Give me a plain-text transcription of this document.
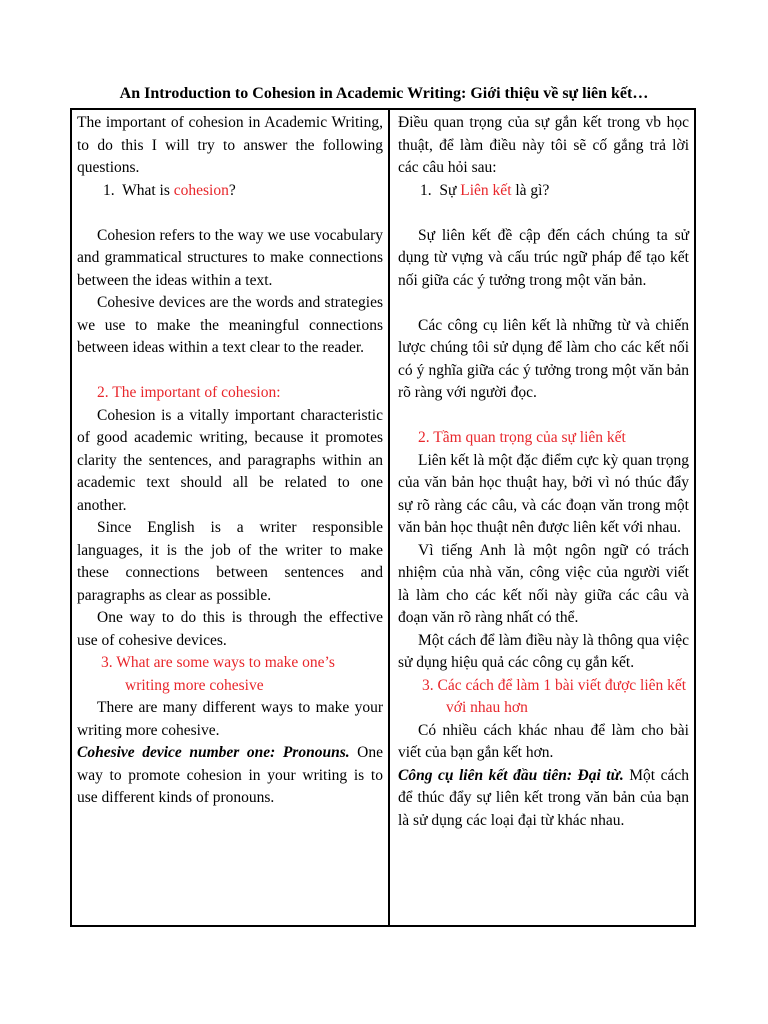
An Introduction to Cohesion in Academic Writing: Giới thiệu về sự liên kết…

The important of cohesion in Academic Writing, to do this I will try to answer the following questions.

1. What is cohesion?

Cohesion refers to the way we use vocabulary and grammatical structures to make connections between the ideas within a text.

Cohesive devices are the words and strategies we use to make the meaningful connections between ideas within a text clear to the reader.

2. The important of cohesion:

Cohesion is a vitally important characteristic of good academic writing, because it promotes clarity the sentences, and paragraphs within an academic text should all be related to one another.

Since English is a writer responsible languages, it is the job of the writer to make these connections between sentences and paragraphs as clear as possible.

One way to do this is through the effective use of cohesive devices.

3. What are some ways to make one’s writing more cohesive

There are many different ways to make your writing more cohesive.

Cohesive device number one: Pronouns. One way to promote cohesion in your writing is to use different kinds of pronouns.

Điều quan trọng của sự gắn kết trong vb học thuật, để làm điều này tôi sẽ cố gắng trả lời các câu hỏi sau:

1. Sự Liên kết là gì?

Sự liên kết đề cập đến cách chúng ta sử dụng từ vựng và cấu trúc ngữ pháp để tạo kết nối giữa các ý tưởng trong một văn bản.

Các công cụ liên kết là những từ và chiến lược chúng tôi sử dụng để làm cho các kết nối có ý nghĩa giữa các ý tưởng trong một văn bản rõ ràng với người đọc.

2. Tầm quan trọng của sự liên kết

Liên kết là một đặc điểm cực kỳ quan trọng của văn bản học thuật hay, bởi vì nó thúc đẩy sự rõ ràng các câu, và các đoạn văn trong một văn bản học thuật nên được liên kết với nhau.

Vì tiếng Anh là một ngôn ngữ có trách nhiệm của nhà văn, công việc của người viết là làm cho các kết nối này giữa các câu và đoạn văn rõ ràng nhất có thể.

Một cách để làm điều này là thông qua việc sử dụng hiệu quả các công cụ gắn kết.

3. Các cách để làm 1 bài viết được liên kết với nhau hơn

Có nhiều cách khác nhau để làm cho bài viết của bạn gắn kết hơn.

Công cụ liên kết đầu tiên: Đại từ. Một cách để thúc đẩy sự liên kết trong văn bản của bạn là sử dụng các loại đại từ khác nhau.
